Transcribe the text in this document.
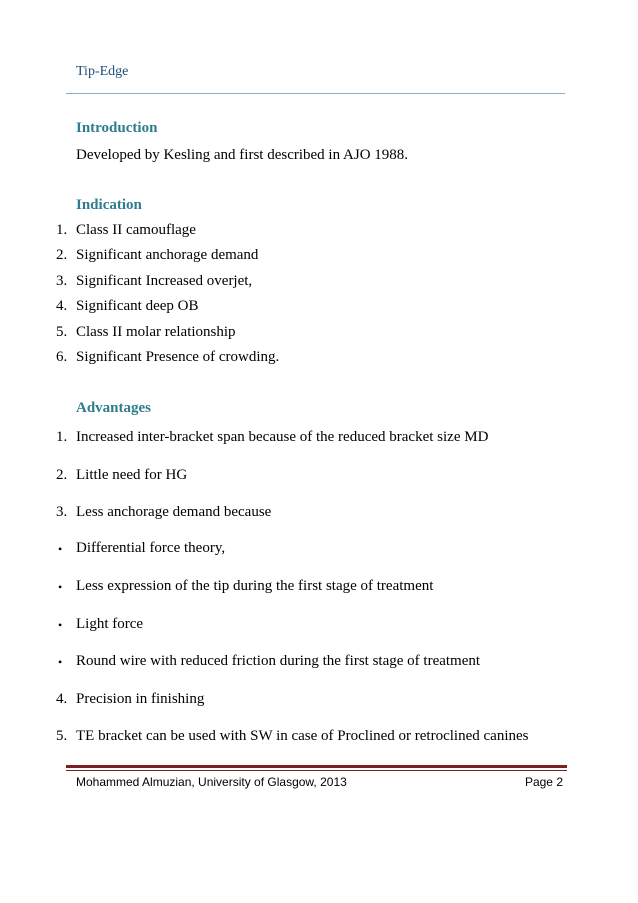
Tip-Edge
Introduction
Developed by Kesling and first described in AJO 1988.
Indication
1. Class II camouflage
2. Significant anchorage demand
3. Significant Increased overjet,
4. Significant deep OB
5. Class II molar relationship
6. Significant Presence of crowding.
Advantages
1. Increased inter-bracket span because of the reduced bracket size MD
2. Little need for HG
3. Less anchorage demand because
• Differential force theory,
• Less expression of the tip during the first stage of treatment
• Light force
• Round wire with reduced friction during the first stage of treatment
4. Precision in finishing
5. TE bracket can be used with SW in case of Proclined or retroclined canines
Mohammed Almuzian, University of Glasgow, 2013	Page 2
